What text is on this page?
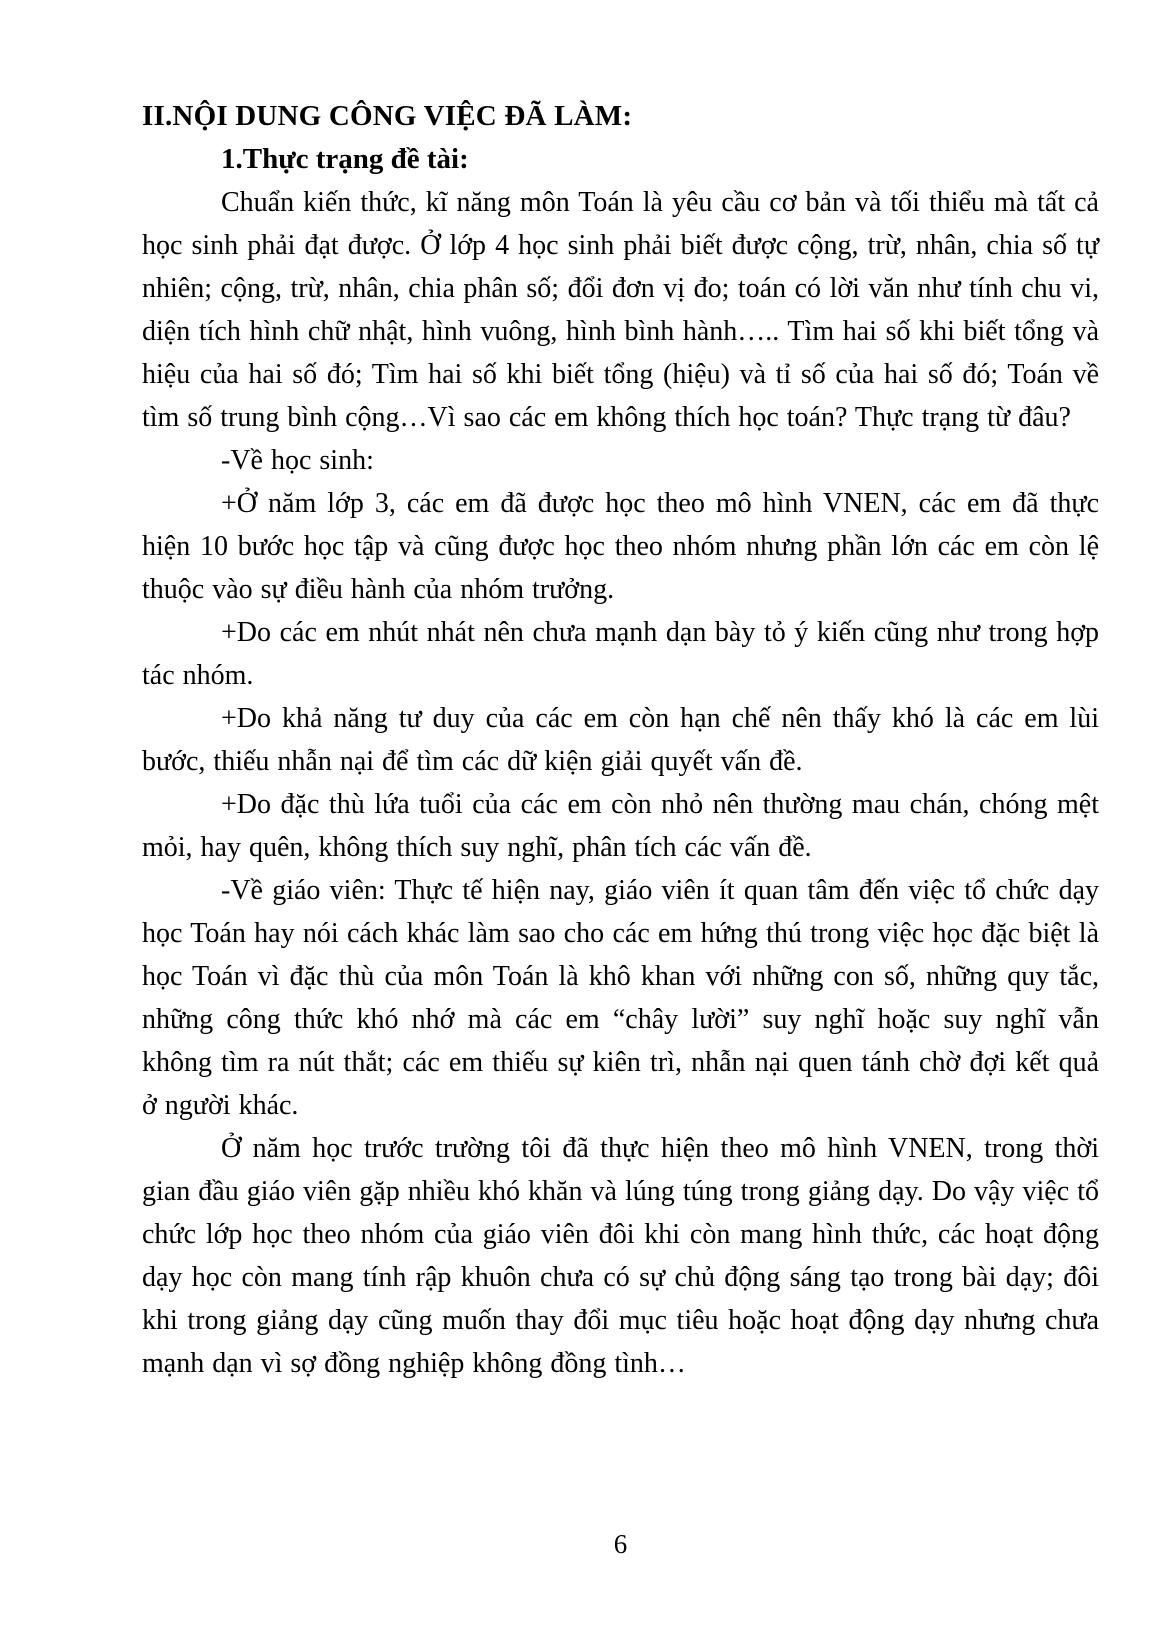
II.NỘI DUNG CÔNG VIỆC ĐÃ LÀM:

1.Thực trạng đề tài:

Chuẩn kiến thức, kĩ năng môn Toán là yêu cầu cơ bản và tối thiểu mà tất cả học sinh phải đạt được. Ở lớp 4 học sinh phải biết được cộng, trừ, nhân, chia số tự nhiên; cộng, trừ, nhân, chia phân số; đổi đơn vị đo; toán có lời văn như tính chu vi, diện tích hình chữ nhật, hình vuông, hình bình hành….. Tìm hai số khi biết tổng và hiệu của hai số đó; Tìm hai số khi biết tổng (hiệu) và tỉ số của hai số đó; Toán về tìm số trung bình cộng…Vì sao các em không thích học toán? Thực trạng từ đâu?

-Về học sinh:

+Ở năm lớp 3, các em đã được học theo mô hình VNEN, các em đã thực hiện 10 bước học tập và cũng được học theo nhóm nhưng phần lớn các em còn lệ thuộc vào sự điều hành của nhóm trưởng.

+Do các em nhút nhát nên chưa mạnh dạn bày tỏ ý kiến cũng như trong hợp tác nhóm.

+Do khả năng tư duy của các em còn hạn chế nên thấy khó là các em lùi bước, thiếu nhẫn nại để tìm các dữ kiện giải quyết vấn đề.

+Do đặc thù lứa tuổi của các em còn nhỏ nên thường mau chán, chóng mệt mỏi, hay quên, không thích suy nghĩ, phân tích các vấn đề.

-Về giáo viên: Thực tế hiện nay, giáo viên ít quan tâm đến việc tổ chức dạy học Toán hay nói cách khác làm sao cho các em hứng thú trong việc học đặc biệt là học Toán vì đặc thù của môn Toán là khô khan với những con số, những quy tắc, những công thức khó nhớ mà các em “chây lười” suy nghĩ hoặc suy nghĩ vẫn không tìm ra nút thắt; các em thiếu sự kiên trì, nhẫn nại quen tánh chờ đợi kết quả ở người khác.

Ở năm học trước trường tôi đã thực hiện theo mô hình VNEN, trong thời gian đầu giáo viên gặp nhiều khó khăn và lúng túng trong giảng dạy. Do vậy việc tổ chức lớp học theo nhóm của giáo viên đôi khi còn mang hình thức, các hoạt động dạy học còn mang tính rập khuôn chưa có sự chủ động sáng tạo trong bài dạy; đôi khi trong giảng dạy cũng muốn thay đổi mục tiêu hoặc hoạt động dạy nhưng chưa mạnh dạn vì sợ đồng nghiệp không đồng tình…

6
